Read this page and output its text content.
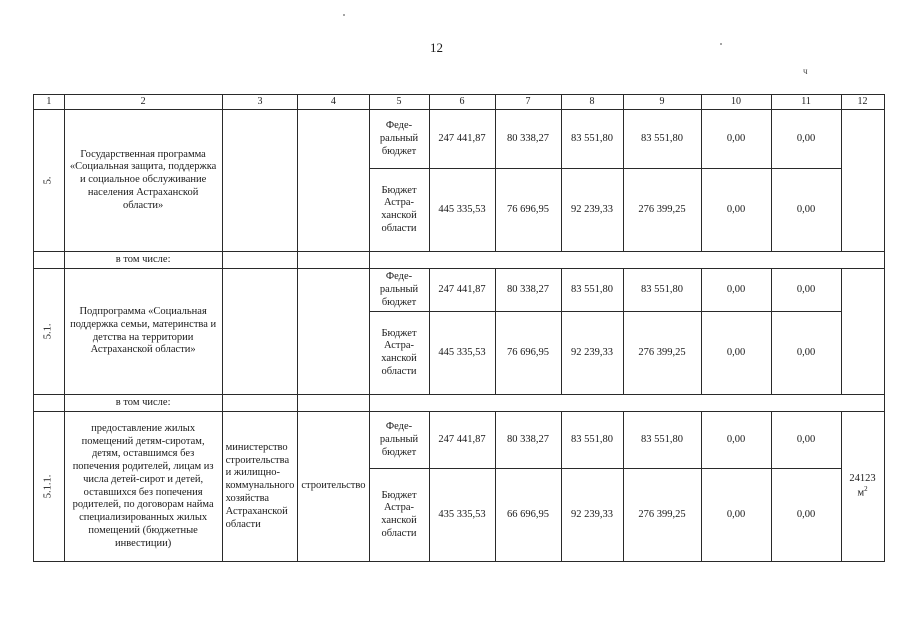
12
ч
1	2	3	4	5	6	7	8	9	10	11	12
5.	Государственная программа «Социальная защита, поддержка и социальное обслуживание населения Астраханской области»			Феде-ральный бюджет	247 441,87	80 338,27	83 551,80	83 551,80	0,00	0,00	
				Бюджет Астра-ханской области	445 335,53	76 696,95	92 239,33	276 399,25	0,00	0,00	
	в том числе:										
5.1.	Подпрограмма «Социальная поддержка семьи, материнства и детства на территории Астраханской области»			Феде-ральный бюджет	247 441,87	80 338,27	83 551,80	83 551,80	0,00	0,00	
				Бюджет Астра-ханской области	445 335,53	76 696,95	92 239,33	276 399,25	0,00	0,00	
	в том числе:										
5.1.1.	предоставление жилых помещений детям-сиротам, детям, оставшимся без попечения родителей, лицам из числа детей-сирот и детей, оставшихся без попечения родителей, по договорам найма специализированных жилых помещений (бюджетные инвестиции)	министерство строительства и жилищно-коммунального хозяйства Астраханской области	строительство	Феде-ральный бюджет	247 441,87	80 338,27	83 551,80	83 551,80	0,00	0,00	24123
$м^2$
				Бюджет Астра-ханской области	435 335,53	66 696,95	92 239,33	276 399,25	0,00	0,00	
